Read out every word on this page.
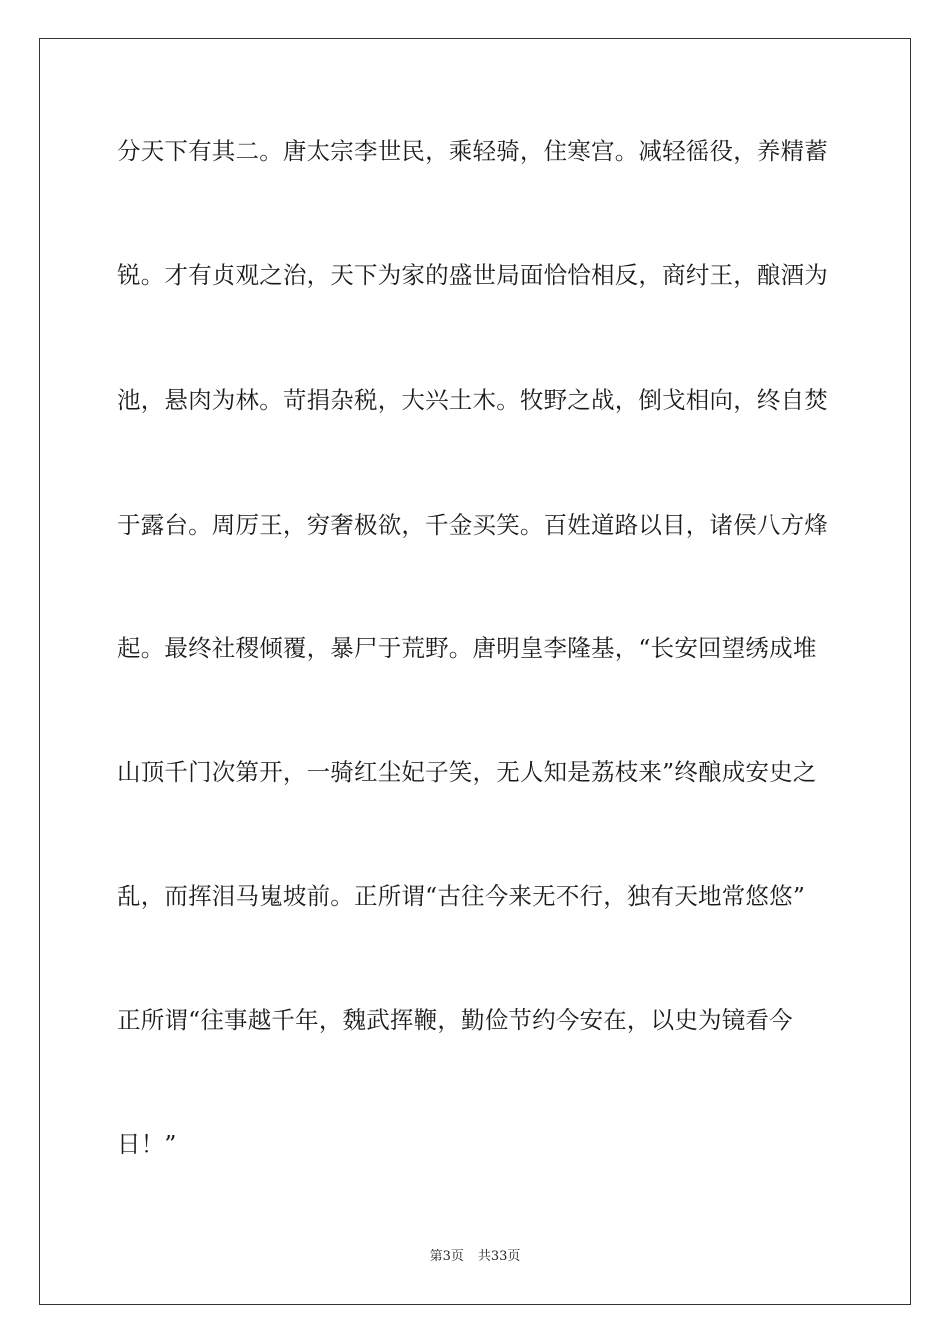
分天下有其二。唐太宗李世民，乘轻骑，住寒宫。减轻徭役，养精蓄
锐。才有贞观之治，天下为家的盛世局面恰恰相反，商纣王，酿酒为
池，悬肉为林。苛捐杂税，大兴土木。牧野之战，倒戈相向，终自焚
于露台。周厉王，穷奢极欲，千金买笑。百姓道路以目，诸侯八方烽
起。最终社稷倾覆，暴尸于荒野。唐明皇李隆基，“长安回望绣成堆
山顶千门次第开，一骑红尘妃子笑，无人知是荔枝来”终酿成安史之
乱，而挥泪马嵬坡前。正所谓“古往今来无不行，独有天地常悠悠”
正所谓“往事越千年，魏武挥鞭，勤俭节约今安在，以史为镜看今
日！”
第3页 共33页
